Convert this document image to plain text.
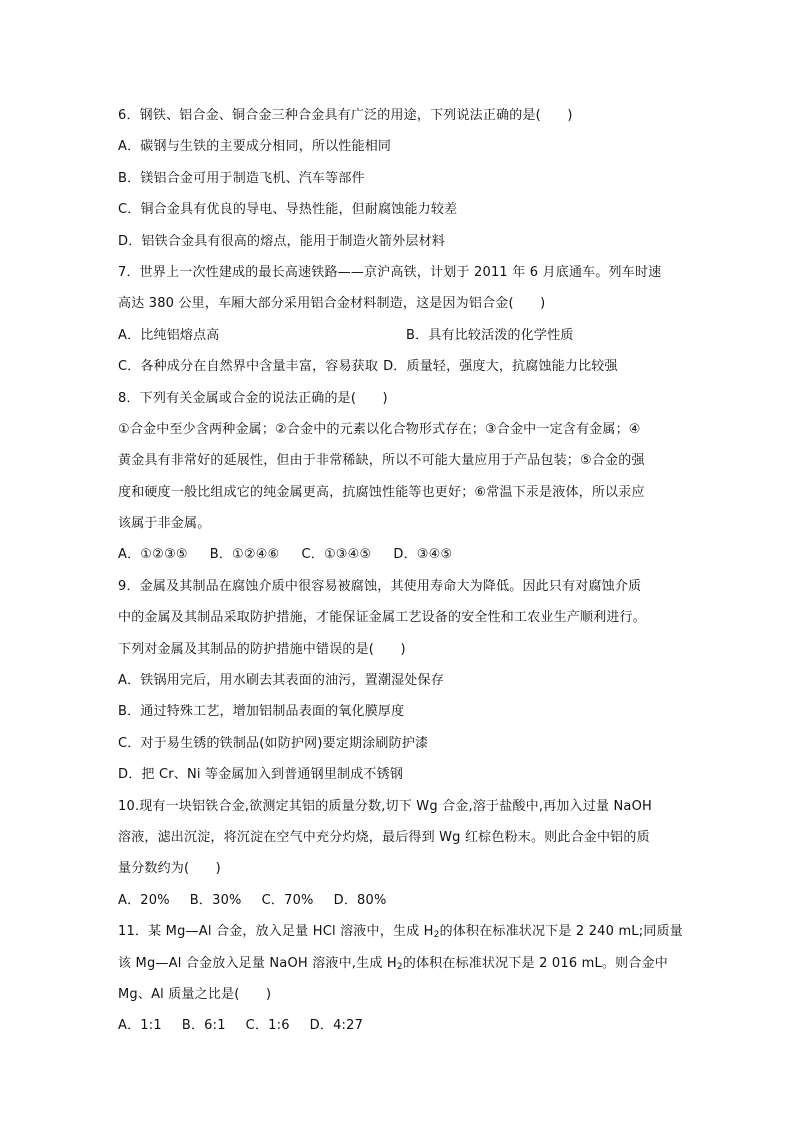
6．钢铁、铝合金、铜合金三种合金具有广泛的用途，下列说法正确的是(　　)
A．碳钢与生铁的主要成分相同，所以性能相同
B．镁铝合金可用于制造飞机、汽车等部件
C．铜合金具有优良的导电、导热性能，但耐腐蚀能力较差
D．铝铁合金具有很高的熔点，能用于制造火箭外层材料
7．世界上一次性建成的最长高速铁路——京沪高铁，计划于 2011 年 6 月底通车。列车时速
高达 380 公里，车厢大部分采用铝合金材料制造，这是因为铝合金(　　)
A．比纯铝熔点高	B．具有比较活泼的化学性质
C．各种成分在自然界中含量丰富，容易获取 D．质量轻，强度大，抗腐蚀能力比较强
8．下列有关金属或合金的说法正确的是(　　)
①合金中至少含两种金属；②合金中的元素以化合物形式存在；③合金中一定含有金属；④
黄金具有非常好的延展性，但由于非常稀缺，所以不可能大量应用于产品包装；⑤合金的强
度和硬度一般比组成它的纯金属更高，抗腐蚀性能等也更好；⑥常温下汞是液体，所以汞应
该属于非金属。
A．①②③⑤ B．①②④⑥ C．①③④⑤ D．③④⑤
9．金属及其制品在腐蚀介质中很容易被腐蚀，其使用寿命大为降低。因此只有对腐蚀介质
中的金属及其制品采取防护措施，才能保证金属工艺设备的安全性和工农业生产顺利进行。
下列对金属及其制品的防护措施中错误的是(　　)
A．铁锅用完后，用水刷去其表面的油污，置潮湿处保存
B．通过特殊工艺，增加铝制品表面的氧化膜厚度
C．对于易生锈的铁制品(如防护网)要定期涂刷防护漆
D．把 Cr、Ni 等金属加入到普通钢里制成不锈钢
10.现有一块铝铁合金,欲测定其铝的质量分数,切下 Wg 合金,溶于盐酸中,再加入过量 NaOH
溶液，滤出沉淀，将沉淀在空气中充分灼烧，最后得到 Wg 红棕色粉末。则此合金中铝的质
量分数约为(　　)
A．20% B．30% C．70% D．80%
11．某 Mg—Al 合金，放入足量 HCl 溶液中，生成 $H_2$的体积在标准状况下是 2 240 mL;同质量
该 Mg—Al 合金放入足量 NaOH 溶液中,生成 $H_2$的体积在标准状况下是 2 016 mL。则合金中
Mg、Al 质量之比是(　　)
A．1:1 B．6:1 C．1:6 D．4:27
